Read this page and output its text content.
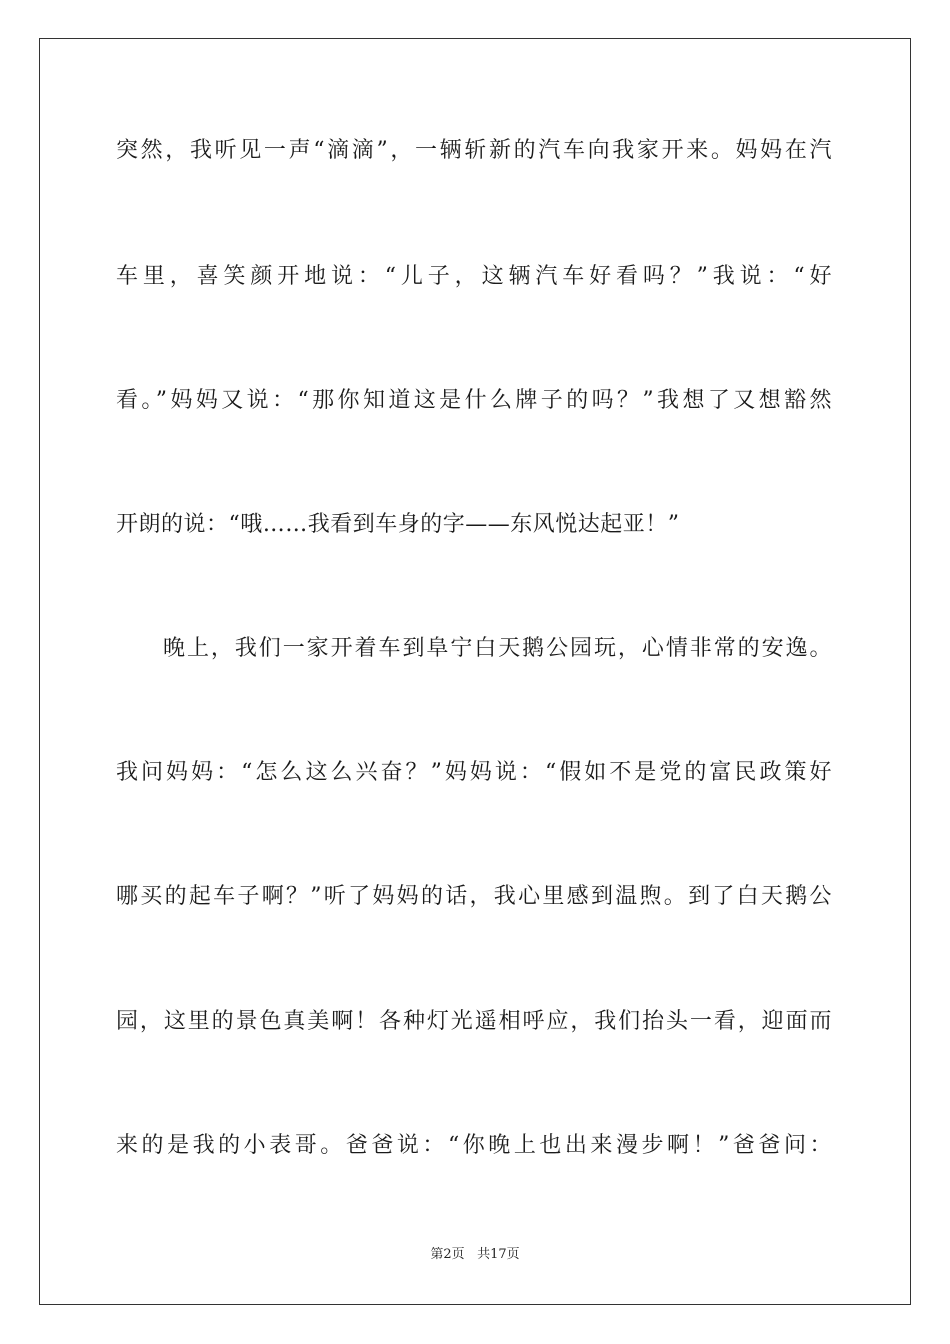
突然，我听见一声“滴滴”，一辆斩新的汽车向我家开来。妈妈在汽
车里，喜笑颜开地说：“儿子，这辆汽车好看吗？”我说：“好
看。”妈妈又说：“那你知道这是什么牌子的吗？”我想了又想豁然
开朗的说：“哦……我看到车身的字——东风悦达起亚！”
晚上，我们一家开着车到阜宁白天鹅公园玩，心情非常的安逸。
我问妈妈：“怎么这么兴奋？”妈妈说：“假如不是党的富民政策好
哪买的起车子啊？”听了妈妈的话，我心里感到温煦。到了白天鹅公
园，这里的景色真美啊！各种灯光遥相呼应，我们抬头一看，迎面而
来的是我的小表哥。爸爸说：“你晚上也出来漫步啊！”爸爸问：
第2页 共17页
